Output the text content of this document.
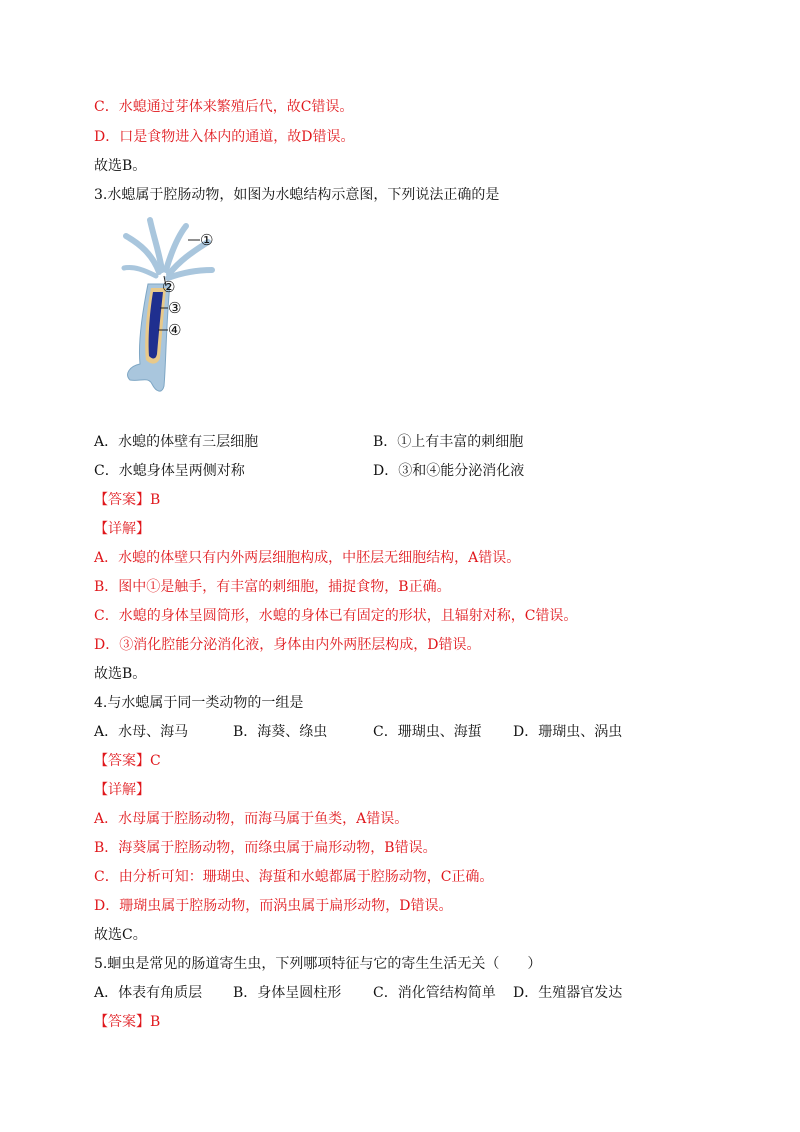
C．水螅通过芽体来繁殖后代，故C错误。
D．口是食物进入体内的通道，故D错误。
故选B。
3.水螅属于腔肠动物，如图为水螅结构示意图，下列说法正确的是
①
②
③
④
A．水螅的体壁有三层细胞	B．①上有丰富的刺细胞
C．水螅身体呈两侧对称	D．③和④能分泌消化液
【答案】B
【详解】
A．水螅的体壁只有内外两层细胞构成，中胚层无细胞结构，A错误。
B．图中①是触手，有丰富的刺细胞，捕捉食物，B正确。
C．水螅的身体呈圆筒形，水螅的身体已有固定的形状，且辐射对称，C错误。
D．③消化腔能分泌消化液，身体由内外两胚层构成，D错误。
故选B。
4.与水螅属于同一类动物的一组是
A．水母、海马	B．海葵、绦虫	C．珊瑚虫、海蜇 D．珊瑚虫、涡虫
【答案】C
【详解】
A．水母属于腔肠动物，而海马属于鱼类，A错误。
B．海葵属于腔肠动物，而绦虫属于扁形动物，B错误。
C．由分析可知：珊瑚虫、海蜇和水螅都属于腔肠动物，C正确。
D．珊瑚虫属于腔肠动物，而涡虫属于扁形动物，D错误。
故选C。
5.蛔虫是常见的肠道寄生虫，下列哪项特征与它的寄生生活无关（　　）
A．体表有角质层 B．身体呈圆柱形 C．消化管结构简单 D．生殖器官发达
【答案】B
